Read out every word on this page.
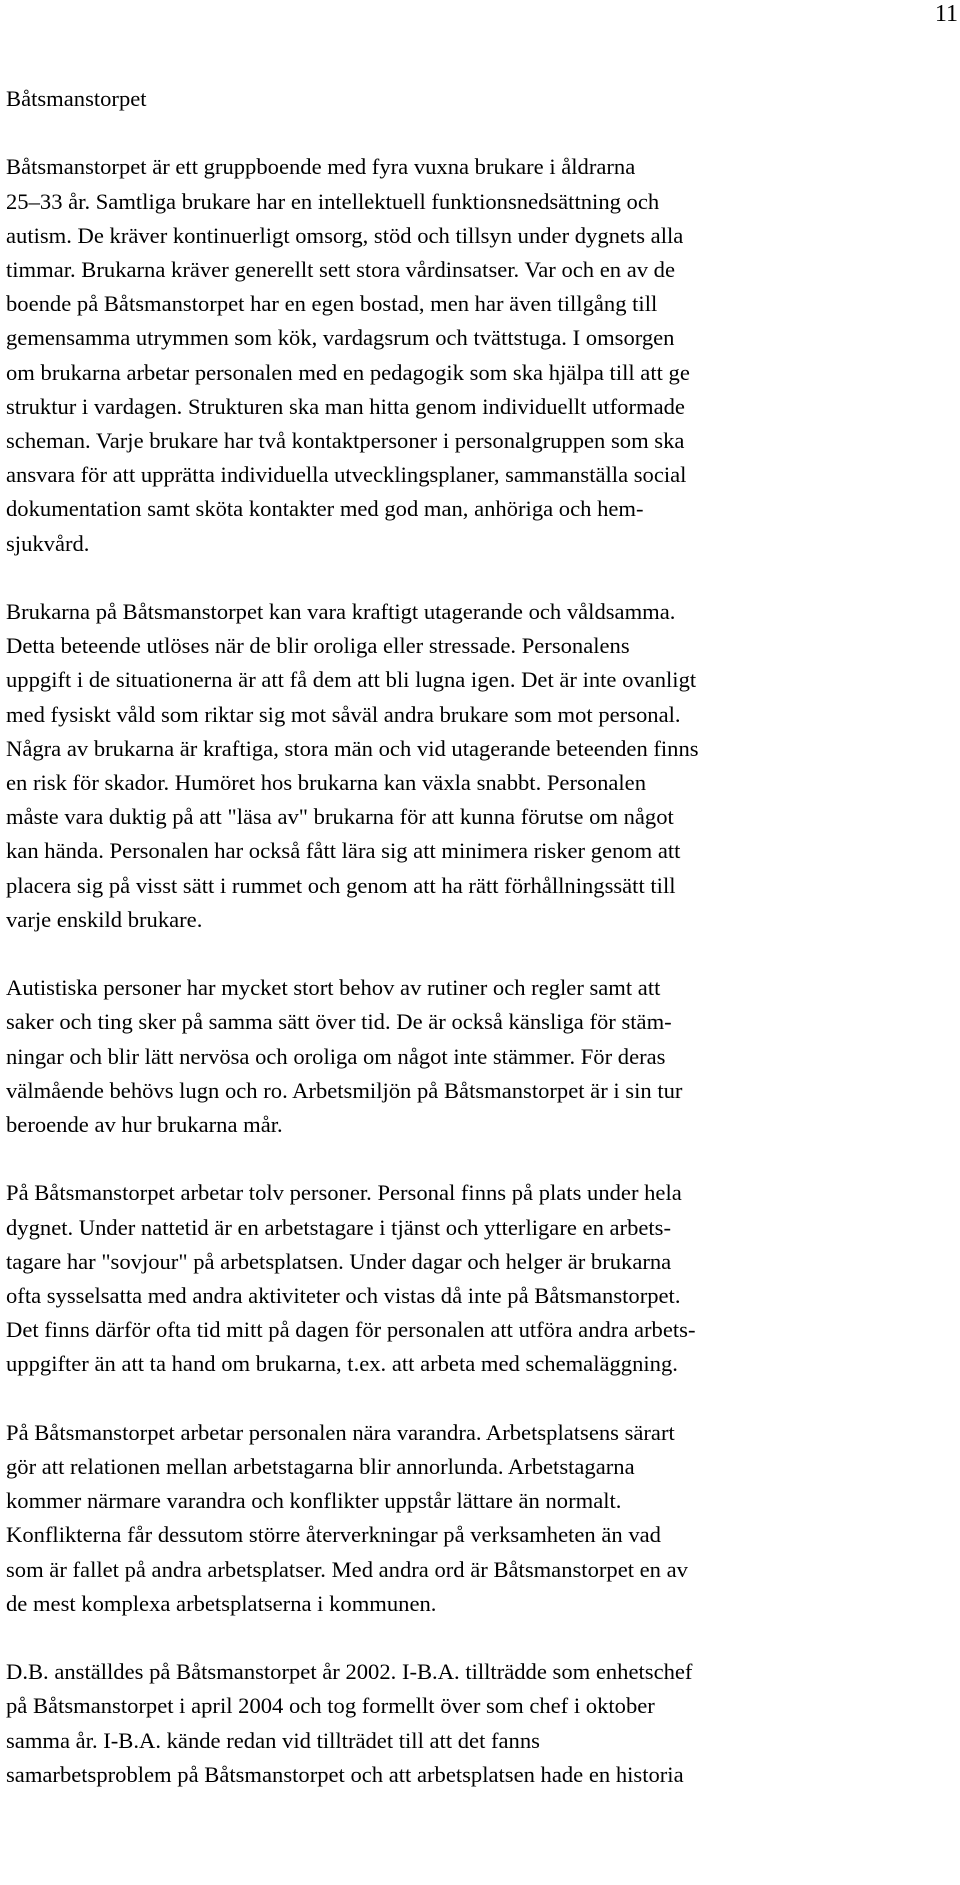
11
Båtsmanstorpet

Båtsmanstorpet är ett gruppboende med fyra vuxna brukare i åldrarna
25–33 år. Samtliga brukare har en intellektuell funktionsnedsättning och
autism. De kräver kontinuerligt omsorg, stöd och tillsyn under dygnets alla
timmar. Brukarna kräver generellt sett stora vårdinsatser. Var och en av de
boende på Båtsmanstorpet har en egen bostad, men har även tillgång till
gemensamma utrymmen som kök, vardagsrum och tvättstuga. I omsorgen
om brukarna arbetar personalen med en pedagogik som ska hjälpa till att ge
struktur i vardagen. Strukturen ska man hitta genom individuellt utformade
scheman. Varje brukare har två kontaktpersoner i personalgruppen som ska
ansvara för att upprätta individuella utvecklingsplaner, sammanställa social
dokumentation samt sköta kontakter med god man, anhöriga och hem-
sjukvård.

Brukarna på Båtsmanstorpet kan vara kraftigt utagerande och våldsamma.
Detta beteende utlöses när de blir oroliga eller stressade. Personalens
uppgift i de situationerna är att få dem att bli lugna igen. Det är inte ovanligt
med fysiskt våld som riktar sig mot såväl andra brukare som mot personal.
Några av brukarna är kraftiga, stora män och vid utagerande beteenden finns
en risk för skador. Humöret hos brukarna kan växla snabbt. Personalen
måste vara duktig på att "läsa av" brukarna för att kunna förutse om något
kan hända. Personalen har också fått lära sig att minimera risker genom att
placera sig på visst sätt i rummet och genom att ha rätt förhållningssätt till
varje enskild brukare.

Autistiska personer har mycket stort behov av rutiner och regler samt att
saker och ting sker på samma sätt över tid. De är också känsliga för stäm-
ningar och blir lätt nervösa och oroliga om något inte stämmer. För deras
välmående behövs lugn och ro. Arbetsmiljön på Båtsmanstorpet är i sin tur
beroende av hur brukarna mår.

På Båtsmanstorpet arbetar tolv personer. Personal finns på plats under hela
dygnet. Under nattetid är en arbetstagare i tjänst och ytterligare en arbets-
tagare har "sovjour" på arbetsplatsen. Under dagar och helger är brukarna
ofta sysselsatta med andra aktiviteter och vistas då inte på Båtsmanstorpet.
Det finns därför ofta tid mitt på dagen för personalen att utföra andra arbets-
uppgifter än att ta hand om brukarna, t.ex. att arbeta med schemaläggning.

På Båtsmanstorpet arbetar personalen nära varandra. Arbetsplatsens särart
gör att relationen mellan arbetstagarna blir annorlunda. Arbetstagarna
kommer närmare varandra och konflikter uppstår lättare än normalt.
Konflikterna får dessutom större återverkningar på verksamheten än vad
som är fallet på andra arbetsplatser. Med andra ord är Båtsmanstorpet en av
de mest komplexa arbetsplatserna i kommunen.

D.B. anställdes på Båtsmanstorpet år 2002. I-B.A. tillträdde som enhetschef
på Båtsmanstorpet i april 2004 och tog formellt över som chef i oktober
samma år. I-B.A. kände redan vid tillträdet till att det fanns
samarbetsproblem på Båtsmanstorpet och att arbetsplatsen hade en historia
